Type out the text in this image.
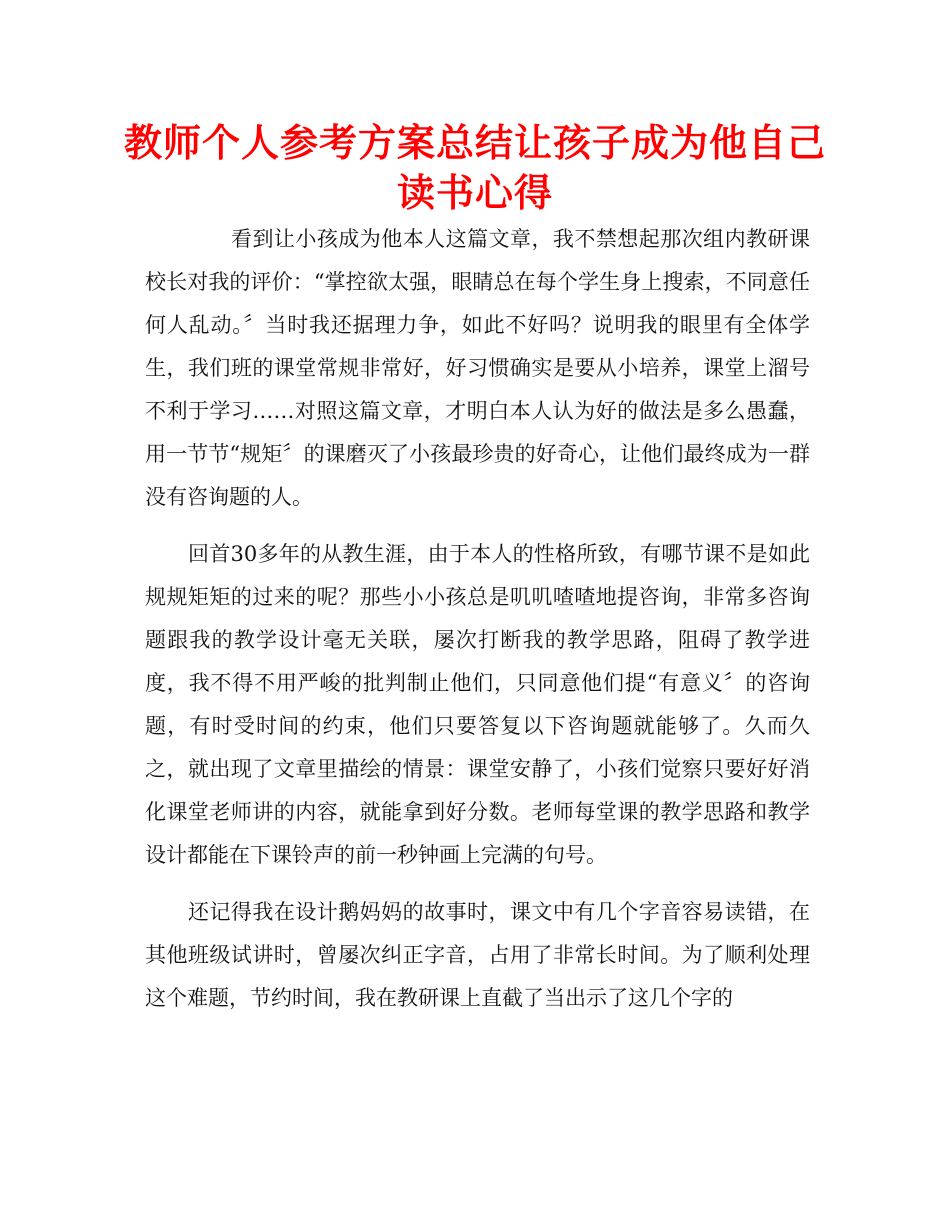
教师个人参考方案总结让孩子成为他自己读书心得

看到让小孩成为他本人这篇文章，我不禁想起那次组内教研课校长对我的评价：“掌控欲太强，眼睛总在每个学生身上搜索，不同意任何人乱动。〞当时我还据理力争，如此不好吗？说明我的眼里有全体学生，我们班的课堂常规非常好，好习惯确实是要从小培养，课堂上溜号不利于学习……对照这篇文章，才明白本人认为好的做法是多么愚蠢，用一节节“规矩〞的课磨灭了小孩最珍贵的好奇心，让他们最终成为一群没有咨询题的人。

回首30多年的从教生涯，由于本人的性格所致，有哪节课不是如此规规矩矩的过来的呢？那些小小孩总是叽叽喳喳地提咨询，非常多咨询题跟我的教学设计毫无关联，屡次打断我的教学思路，阻碍了教学进度，我不得不用严峻的批判制止他们，只同意他们提“有意义〞的咨询题，有时受时间的约束，他们只要答复以下咨询题就能够了。久而久之，就出现了文章里描绘的情景：课堂安静了，小孩们觉察只要好好消化课堂老师讲的内容，就能拿到好分数。老师每堂课的教学思路和教学设计都能在下课铃声的前一秒钟画上完满的句号。

还记得我在设计鹅妈妈的故事时，课文中有几个字音容易读错，在其他班级试讲时，曾屡次纠正字音，占用了非常长时间。为了顺利处理这个难题，节约时间，我在教研课上直截了当出示了这几个字的
